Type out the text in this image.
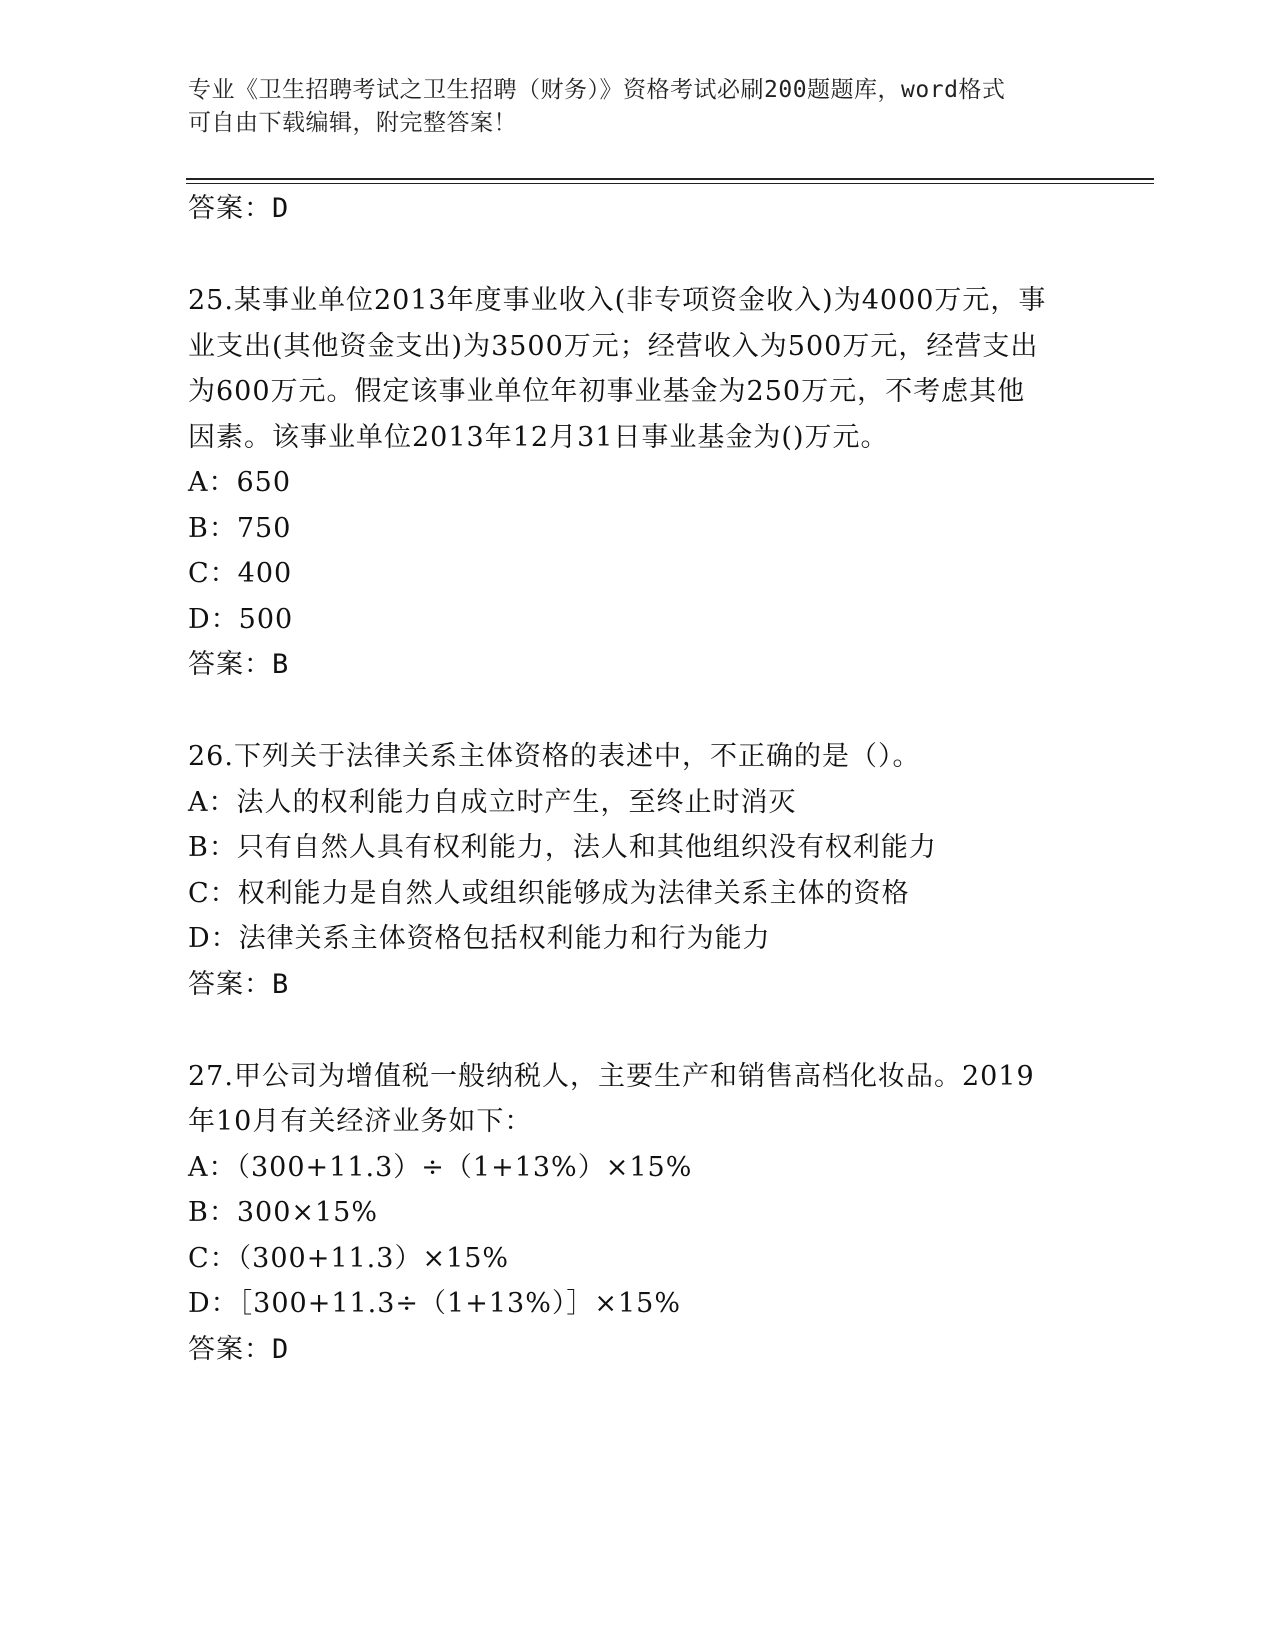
专业《卫生招聘考试之卫生招聘（财务）》资格考试必刷200题题库，word格式
可自由下载编辑，附完整答案！
答案：D
25.某事业单位2013年度事业收入(非专项资金收入)为4000万元，事
业支出(其他资金支出)为3500万元；经营收入为500万元，经营支出
为600万元。假定该事业单位年初事业基金为250万元，不考虑其他
因素。该事业单位2013年12月31日事业基金为()万元。
A：650
B：750
C：400
D：500
答案：B
26.下列关于法律关系主体资格的表述中，不正确的是（）。
A：法人的权利能力自成立时产生，至终止时消灭
B：只有自然人具有权利能力，法人和其他组织没有权利能力
C：权利能力是自然人或组织能够成为法律关系主体的资格
D：法律关系主体资格包括权利能力和行为能力
答案：B
27.甲公司为增值税一般纳税人，主要生产和销售高档化妆品。2019
年10月有关经济业务如下：
A：（300+11.3）÷（1+13%）×15%
B：300×15%
C：（300+11.3）×15%
D：［300+11.3÷（1+13%）］×15%
答案：D
